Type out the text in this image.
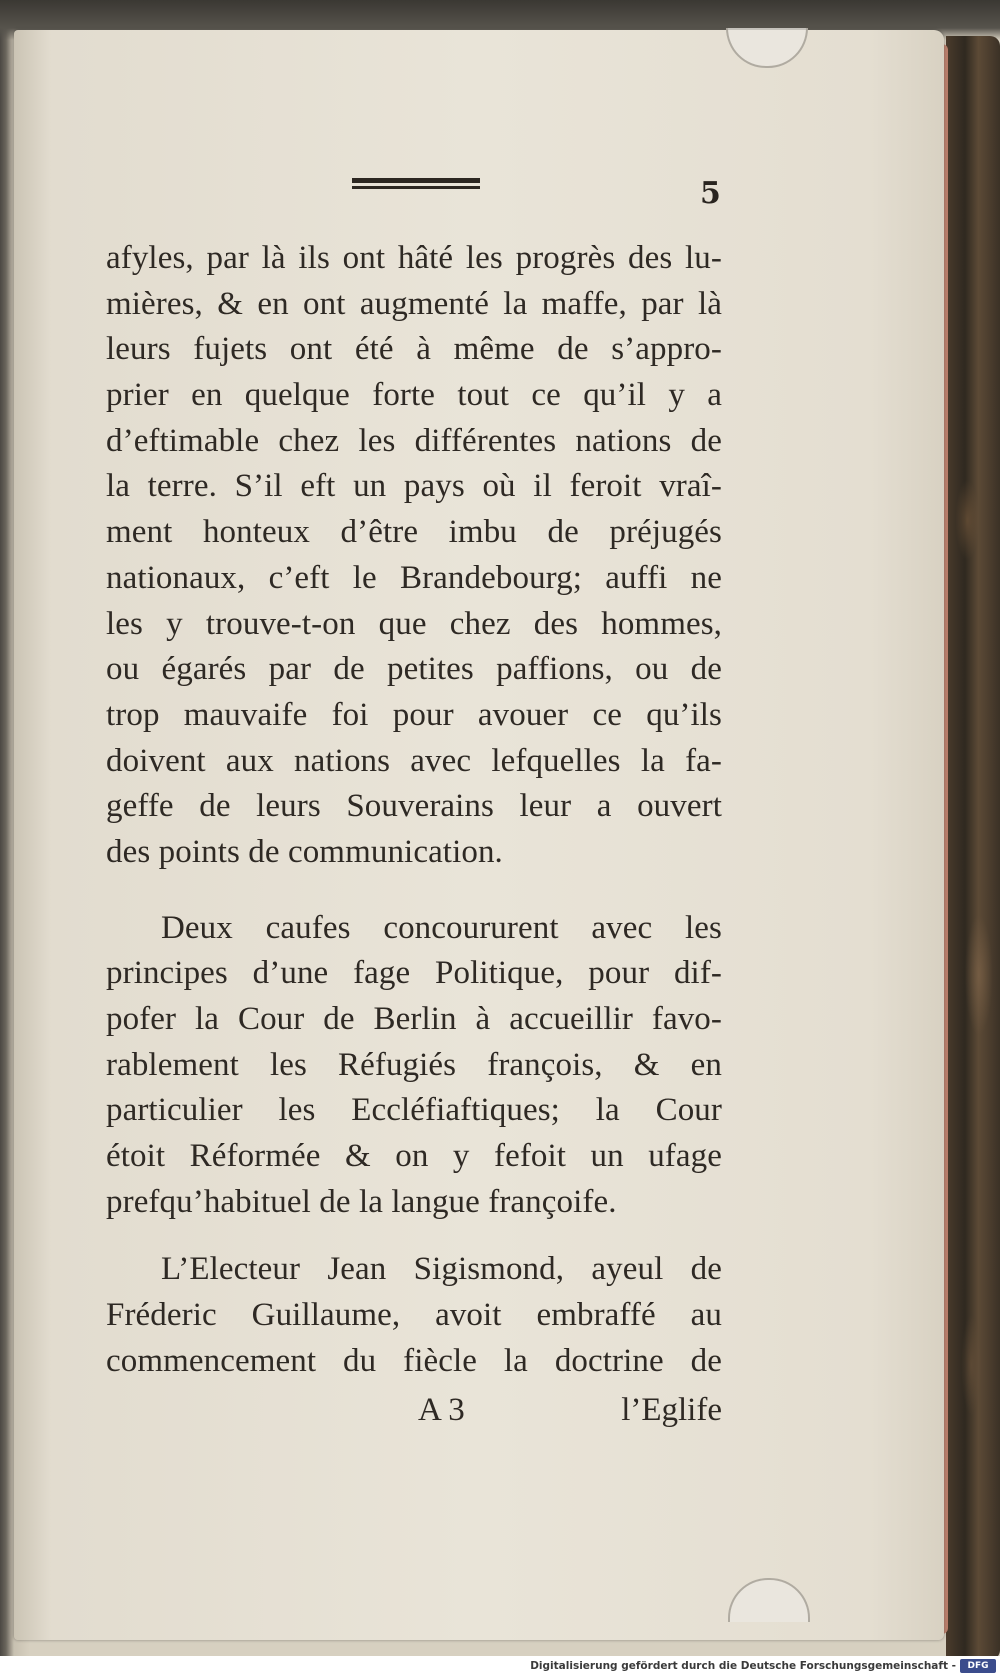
5
afyles, par là ils ont hâté les progrès des lu-
mières, & en ont augmenté la maffe, par là
leurs fujets ont été à même de s’appro-
prier en quelque forte tout ce qu’il y a
d’eftimable chez les différentes nations de
la terre. S’il eft un pays où il feroit vraî-
ment honteux d’être imbu de préjugés
nationaux, c’eft le Brandebourg; auffi ne
les y trouve-t-on que chez des hommes,
ou égarés par de petites paffions, ou de
trop mauvaife foi pour avouer ce qu’ils
doivent aux nations avec lefquelles la fa-
geffe de leurs Souverains leur a ouvert
des points de communication.
Deux caufes concoururent avec les
principes d’une fage Politique, pour dif-
pofer la Cour de Berlin à accueillir favo-
rablement les Réfugiés françois, & en
particulier les Eccléfiaftiques; la Cour
étoit Réformée & on y fefoit un ufage
prefqu’habituel de la langue françoife.
L’Electeur Jean Sigismond, ayeul de
Fréderic Guillaume, avoit embraffé au
commencement du fiècle la doctrine de
A 3	l’Eglife
Digitalisierung gefördert durch die Deutsche Forschungsgemeinschaft -	DFG
